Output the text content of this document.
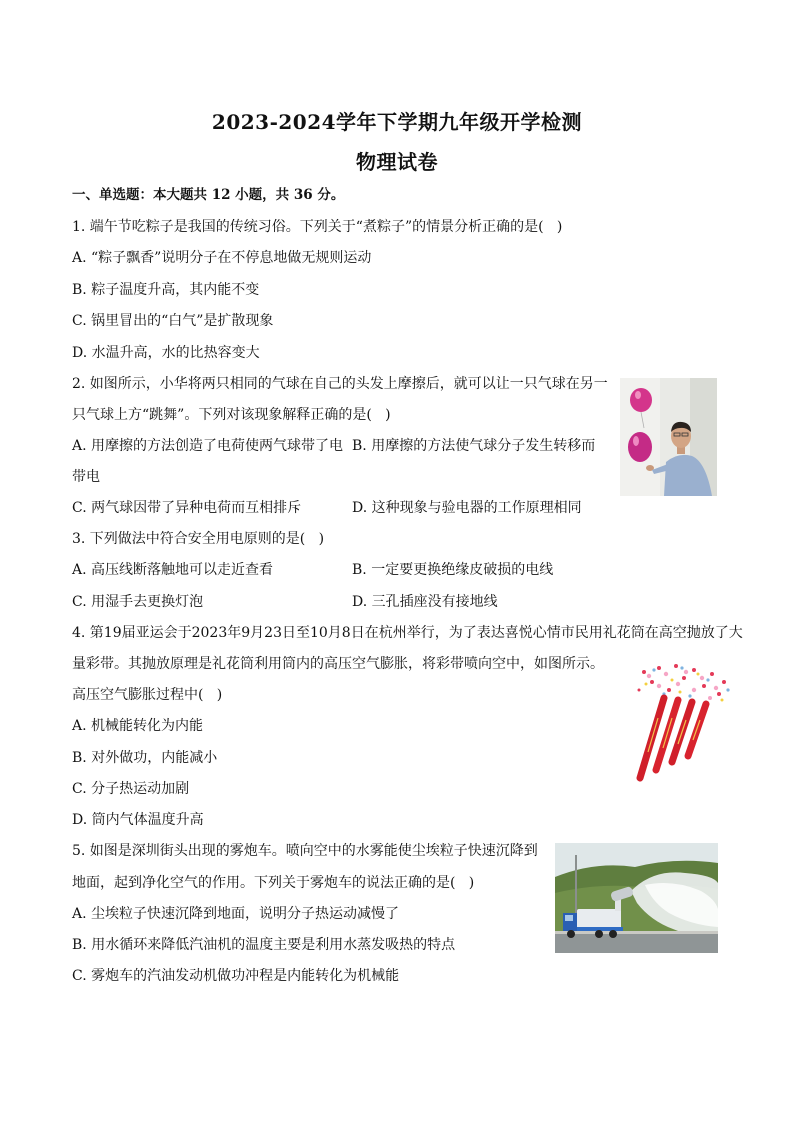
2023-2024学年下学期九年级开学检测
物理试卷
一、单选题：本大题共 12 小题，共 36 分。
1. 端午节吃粽子是我国的传统习俗。下列关于“煮粽子”的情景分析正确的是(   )
A. “粽子飘香”说明分子在不停息地做无规则运动
B. 粽子温度升高，其内能不变
C. 锅里冒出的“白气”是扩散现象
D. 水温升高，水的比热容变大
2. 如图所示，小华将两只相同的气球在自己的头发上摩擦后，就可以让一只气球在另一
只气球上方“跳舞”。下列对该现象解释正确的是(   )
A. 用摩擦的方法创造了电荷使两气球带了电 B. 用摩擦的方法使气球分子发生转移而
带电
C. 两气球因带了异种电荷而互相排斥	D. 这种现象与验电器的工作原理相同
3. 下列做法中符合安全用电原则的是(   )
A. 高压线断落触地可以走近查看	B. 一定要更换绝缘皮破损的电线
C. 用湿手去更换灯泡	D. 三孔插座没有接地线
4. 第19届亚运会于2023年9月23日至10月8日在杭州举行，为了表达喜悦心情市民用礼花筒在高空抛放了大
量彩带。其抛放原理是礼花筒利用筒内的高压空气膨胀，将彩带喷向空中，如图所示。
高压空气膨胀过程中(   )
A. 机械能转化为内能
B. 对外做功，内能减小
C. 分子热运动加剧
D. 筒内气体温度升高
5. 如图是深圳街头出现的雾炮车。喷向空中的水雾能使尘埃粒子快速沉降到
地面，起到净化空气的作用。下列关于雾炮车的说法正确的是(   )
A. 尘埃粒子快速沉降到地面，说明分子热运动减慢了
B. 用水循环来降低汽油机的温度主要是利用水蒸发吸热的特点
C. 雾炮车的汽油发动机做功冲程是内能转化为机械能
